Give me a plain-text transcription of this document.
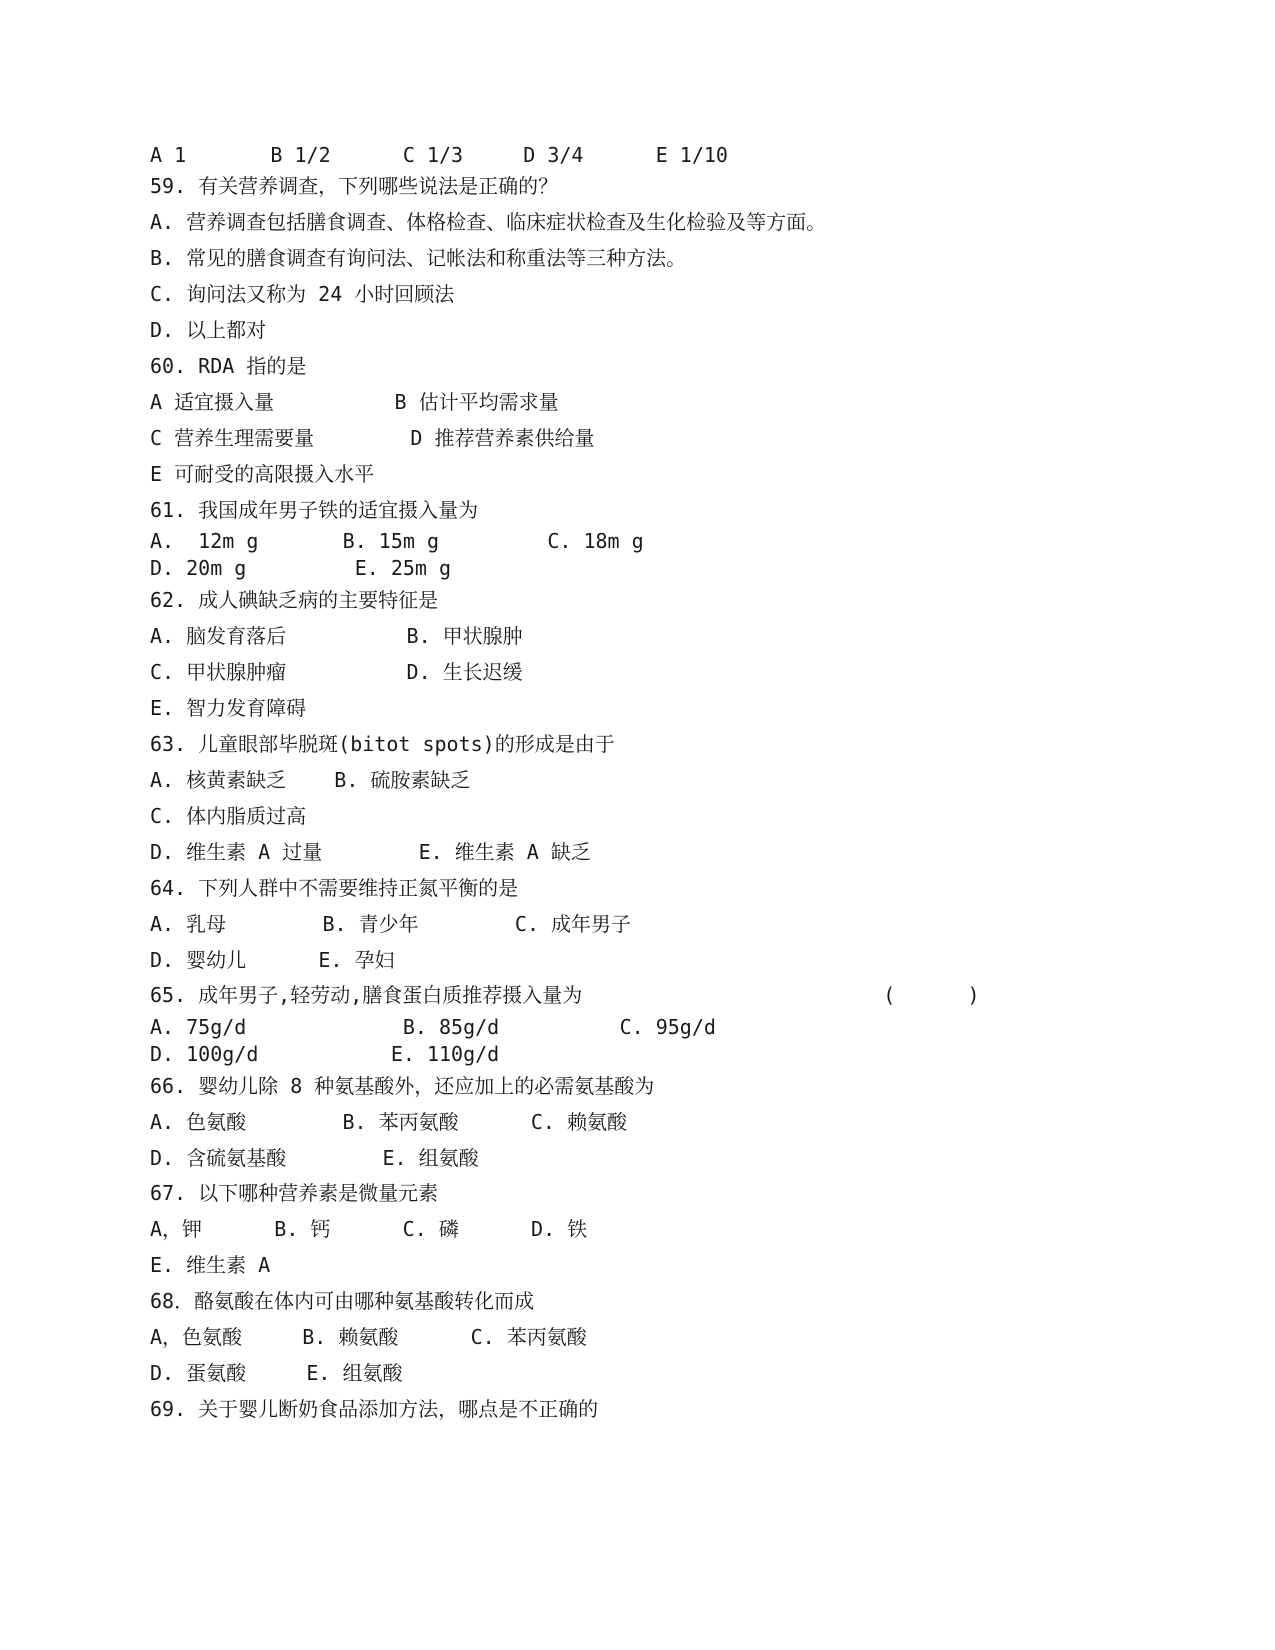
A 1       B 1/2      C 1/3     D 3/4      E 1/10

59. 有关营养调查，下列哪些说法是正确的？

A. 营养调查包括膳食调查、体格检查、临床症状检查及生化检验及等方面。

B. 常见的膳食调查有询问法、记帐法和称重法等三种方法。

C. 询问法又称为 24 小时回顾法

D. 以上都对

60. RDA 指的是

A 适宜摄入量          B 估计平均需求量

C 营养生理需要量        D 推荐营养素供给量

E 可耐受的高限摄入水平

61. 我国成年男子铁的适宜摄入量为

A.  12m g       B. 15m g         C. 18m g

D. 20m g         E. 25m g

62. 成人碘缺乏病的主要特征是

A. 脑发育落后          B. 甲状腺肿

C. 甲状腺肿瘤          D. 生长迟缓

E. 智力发育障碍

63. 儿童眼部毕脱斑(bitot spots)的形成是由于

A. 核黄素缺乏    B. 硫胺素缺乏

C. 体内脂质过高

D. 维生素 A 过量        E. 维生素 A 缺乏

64. 下列人群中不需要维持正氮平衡的是

A. 乳母        B. 青少年        C. 成年男子

D. 婴幼儿      E. 孕妇

65. 成年男子,轻劳动,膳食蛋白质推荐摄入量为                         (      )

A. 75g/d             B. 85g/d          C. 95g/d

D. 100g/d           E. 110g/d

66. 婴幼儿除 8 种氨基酸外，还应加上的必需氨基酸为

A. 色氨酸        B. 苯丙氨酸      C. 赖氨酸

D. 含硫氨基酸        E. 组氨酸

67. 以下哪种营养素是微量元素

A，钾      B. 钙      C. 磷      D. 铁

E. 维生素 A

68．酪氨酸在体内可由哪种氨基酸转化而成

A，色氨酸     B. 赖氨酸      C. 苯丙氨酸

D. 蛋氨酸     E. 组氨酸

69. 关于婴儿断奶食品添加方法，哪点是不正确的
